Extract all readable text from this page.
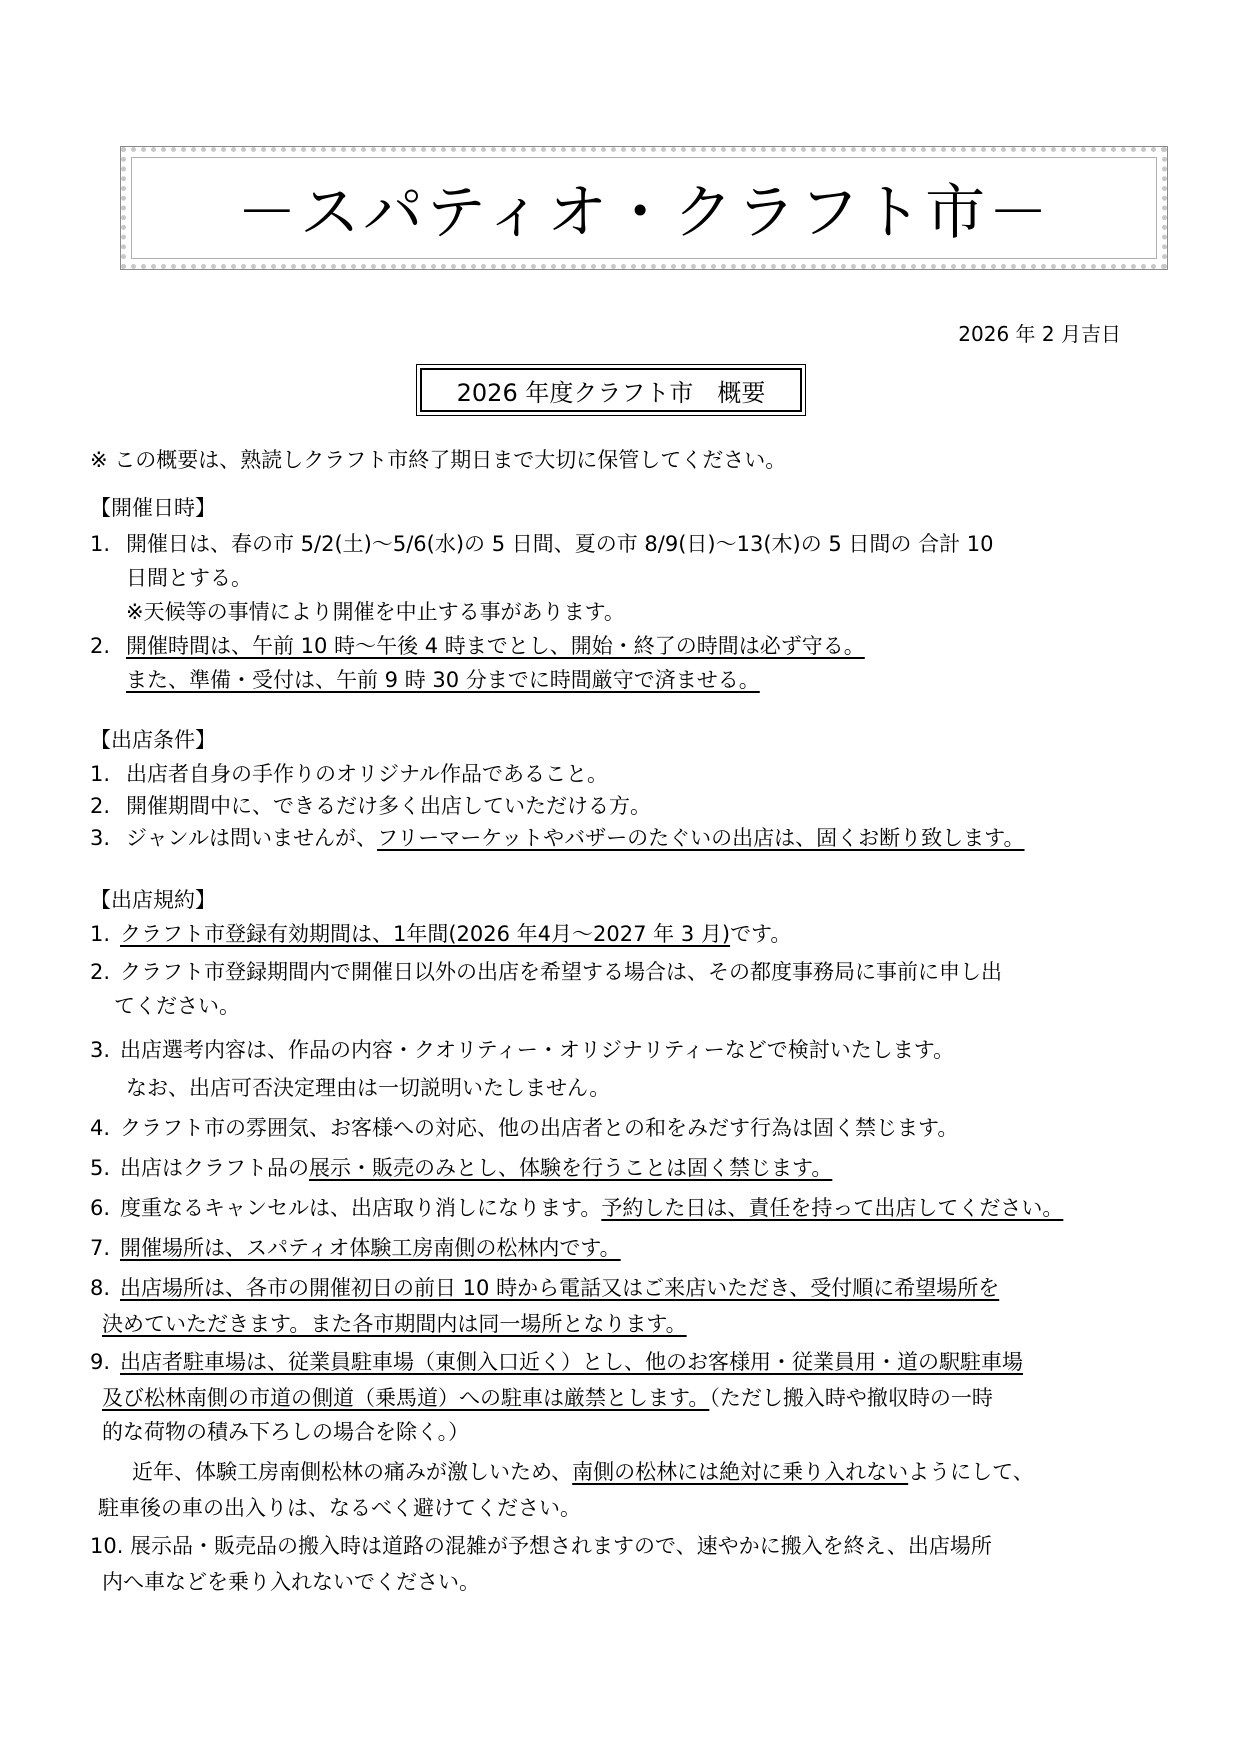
－スパティオ・クラフト市－
2026 年 2 月吉日
2026 年度クラフト市　概要
※ この概要は、熟読しクラフト市終了期日まで大切に保管してください。
【開催日時】
1. 開催日は、春の市 5/2(土)～5/6(水)の 5 日間、夏の市 8/9(日)～13(木)の 5 日間の 合計 10
日間とする。
※天候等の事情により開催を中止する事があります。
2. 開催時間は、午前 10 時～午後 4 時までとし、開始・終了の時間は必ず守る。
また、準備・受付は、午前 9 時 30 分までに時間厳守で済ませる。
【出店条件】
1. 出店者自身の手作りのオリジナル作品であること。
2. 開催期間中に、できるだけ多く出店していただける方。
3. ジャンルは問いませんが、フリーマーケットやバザーのたぐいの出店は、固くお断り致します。
【出店規約】
1. クラフト市登録有効期間は、1年間(2026 年4月～2027 年 3 月)です。
2. クラフト市登録期間内で開催日以外の出店を希望する場合は、その都度事務局に事前に申し出
てください。
3. 出店選考内容は、作品の内容・クオリティー・オリジナリティーなどで検討いたします。
なお、出店可否決定理由は一切説明いたしません。
4. クラフト市の雰囲気、お客様への対応、他の出店者との和をみだす行為は固く禁じます。
5. 出店はクラフト品の展示・販売のみとし、体験を行うことは固く禁じます。
6. 度重なるキャンセルは、出店取り消しになります。予約した日は、責任を持って出店してください。
7. 開催場所は、スパティオ体験工房南側の松林内です。
8. 出店場所は、各市の開催初日の前日 10 時から電話又はご来店いただき、受付順に希望場所を
決めていただきます。また各市期間内は同一場所となります。
9. 出店者駐車場は、従業員駐車場（東側入口近く）とし、他のお客様用・従業員用・道の駅駐車場
及び松林南側の市道の側道（乗馬道）への駐車は厳禁とします。（ただし搬入時や撤収時の一時
的な荷物の積み下ろしの場合を除く。）
近年、体験工房南側松林の痛みが激しいため、南側の松林には絶対に乗り入れないようにして、
駐車後の車の出入りは、なるべく避けてください。
10. 展示品・販売品の搬入時は道路の混雑が予想されますので、速やかに搬入を終え、出店場所
内へ車などを乗り入れないでください。
